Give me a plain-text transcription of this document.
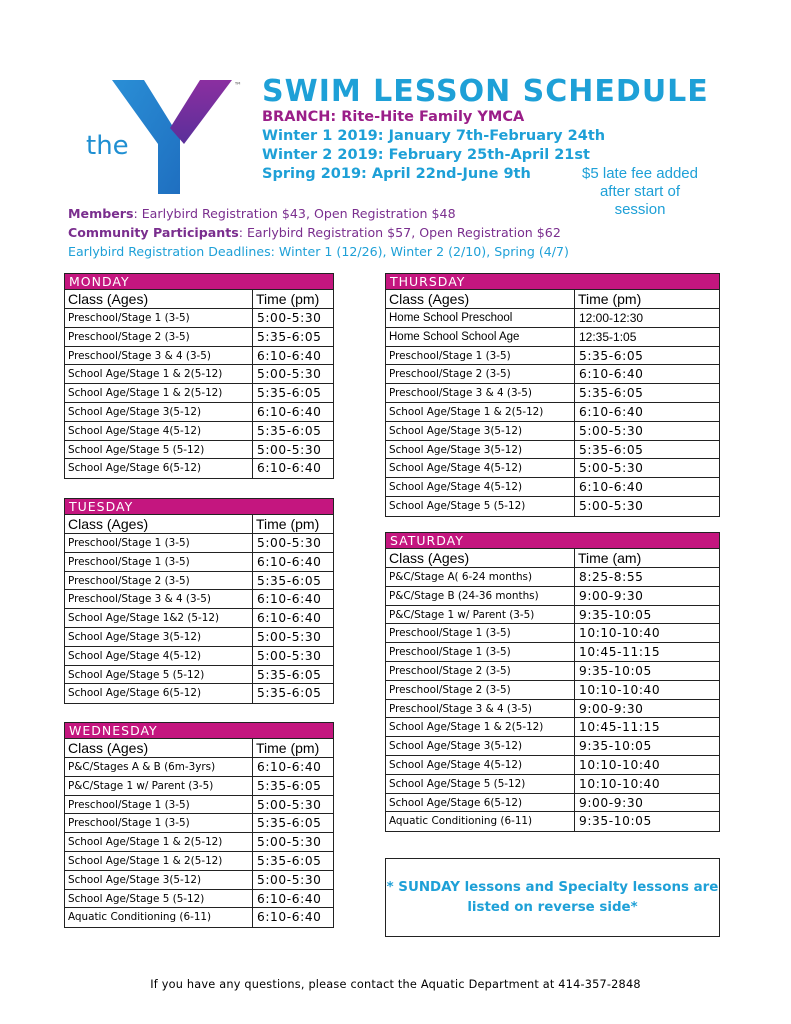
the
YMCA
™ SWIM LESSON SCHEDULE
BRANCH: Rite-Hite Family YMCA
Winter 1 2019: January 7th-February 24th
Winter 2 2019: February 25th-April 21st
Spring 2019: April 22nd-June 9th	$5 late fee added after start of session
Members: Earlybird Registration $43, Open Registration $48
Community Participants: Earlybird Registration $57, Open Registration $62
Earlybird Registration Deadlines: Winter 1 (12/26), Winter 2 (2/10), Spring (4/7)
MONDAY
Class (Ages)	Time (pm)
Preschool/Stage 1 (3-5)	5:00-5:30
Preschool/Stage 2 (3-5)	5:35-6:05
Preschool/Stage 3 & 4 (3-5)	6:10-6:40
School Age/Stage 1 & 2(5-12)	5:00-5:30
School Age/Stage 1 & 2(5-12)	5:35-6:05
School Age/Stage 3(5-12)	6:10-6:40
School Age/Stage 4(5-12)	5:35-6:05
School Age/Stage 5 (5-12)	5:00-5:30
School Age/Stage 6(5-12)	6:10-6:40
TUESDAY
Class (Ages)	Time (pm)
Preschool/Stage 1 (3-5)	5:00-5:30
Preschool/Stage 1 (3-5)	6:10-6:40
Preschool/Stage 2 (3-5)	5:35-6:05
Preschool/Stage 3 & 4 (3-5)	6:10-6:40
School Age/Stage 1&2 (5-12)	6:10-6:40
School Age/Stage 3(5-12)	5:00-5:30
School Age/Stage 4(5-12)	5:00-5:30
School Age/Stage 5 (5-12)	5:35-6:05
School Age/Stage 6(5-12)	5:35-6:05
WEDNESDAY
Class (Ages)	Time (pm)
P&C/Stages A & B (6m-3yrs)	6:10-6:40
P&C/Stage 1 w/ Parent (3-5)	5:35-6:05
Preschool/Stage 1 (3-5)	5:00-5:30
Preschool/Stage 1 (3-5)	5:35-6:05
School Age/Stage 1 & 2(5-12)	5:00-5:30
School Age/Stage 1 & 2(5-12)	5:35-6:05
School Age/Stage 3(5-12)	5:00-5:30
School Age/Stage 5 (5-12)	6:10-6:40
Aquatic Conditioning (6-11)	6:10-6:40
THURSDAY
Class (Ages)	Time (pm)
Home School Preschool	12:00-12:30
Home School School Age	12:35-1:05
Preschool/Stage 1 (3-5)	5:35-6:05
Preschool/Stage 2 (3-5)	6:10-6:40
Preschool/Stage 3 & 4 (3-5)	5:35-6:05
School Age/Stage 1 & 2(5-12)	6:10-6:40
School Age/Stage 3(5-12)	5:00-5:30
School Age/Stage 3(5-12)	5:35-6:05
School Age/Stage 4(5-12)	5:00-5:30
School Age/Stage 4(5-12)	6:10-6:40
School Age/Stage 5 (5-12)	5:00-5:30
SATURDAY
Class (Ages)	Time (am)
P&C/Stage A( 6-24 months)	8:25-8:55
P&C/Stage B (24-36 months)	9:00-9:30
P&C/Stage 1 w/ Parent (3-5)	9:35-10:05
Preschool/Stage 1 (3-5)	10:10-10:40
Preschool/Stage 1 (3-5)	10:45-11:15
Preschool/Stage 2 (3-5)	9:35-10:05
Preschool/Stage 2 (3-5)	10:10-10:40
Preschool/Stage 3 & 4 (3-5)	9:00-9:30
School Age/Stage 1 & 2(5-12)	10:45-11:15
School Age/Stage 3(5-12)	9:35-10:05
School Age/Stage 4(5-12)	10:10-10:40
School Age/Stage 5 (5-12)	10:10-10:40
School Age/Stage 6(5-12)	9:00-9:30
Aquatic Conditioning (6-11)	9:35-10:05
* SUNDAY lessons and Specialty lessons are listed on reverse side*
If you have any questions, please contact the Aquatic Department at 414-357-2848
